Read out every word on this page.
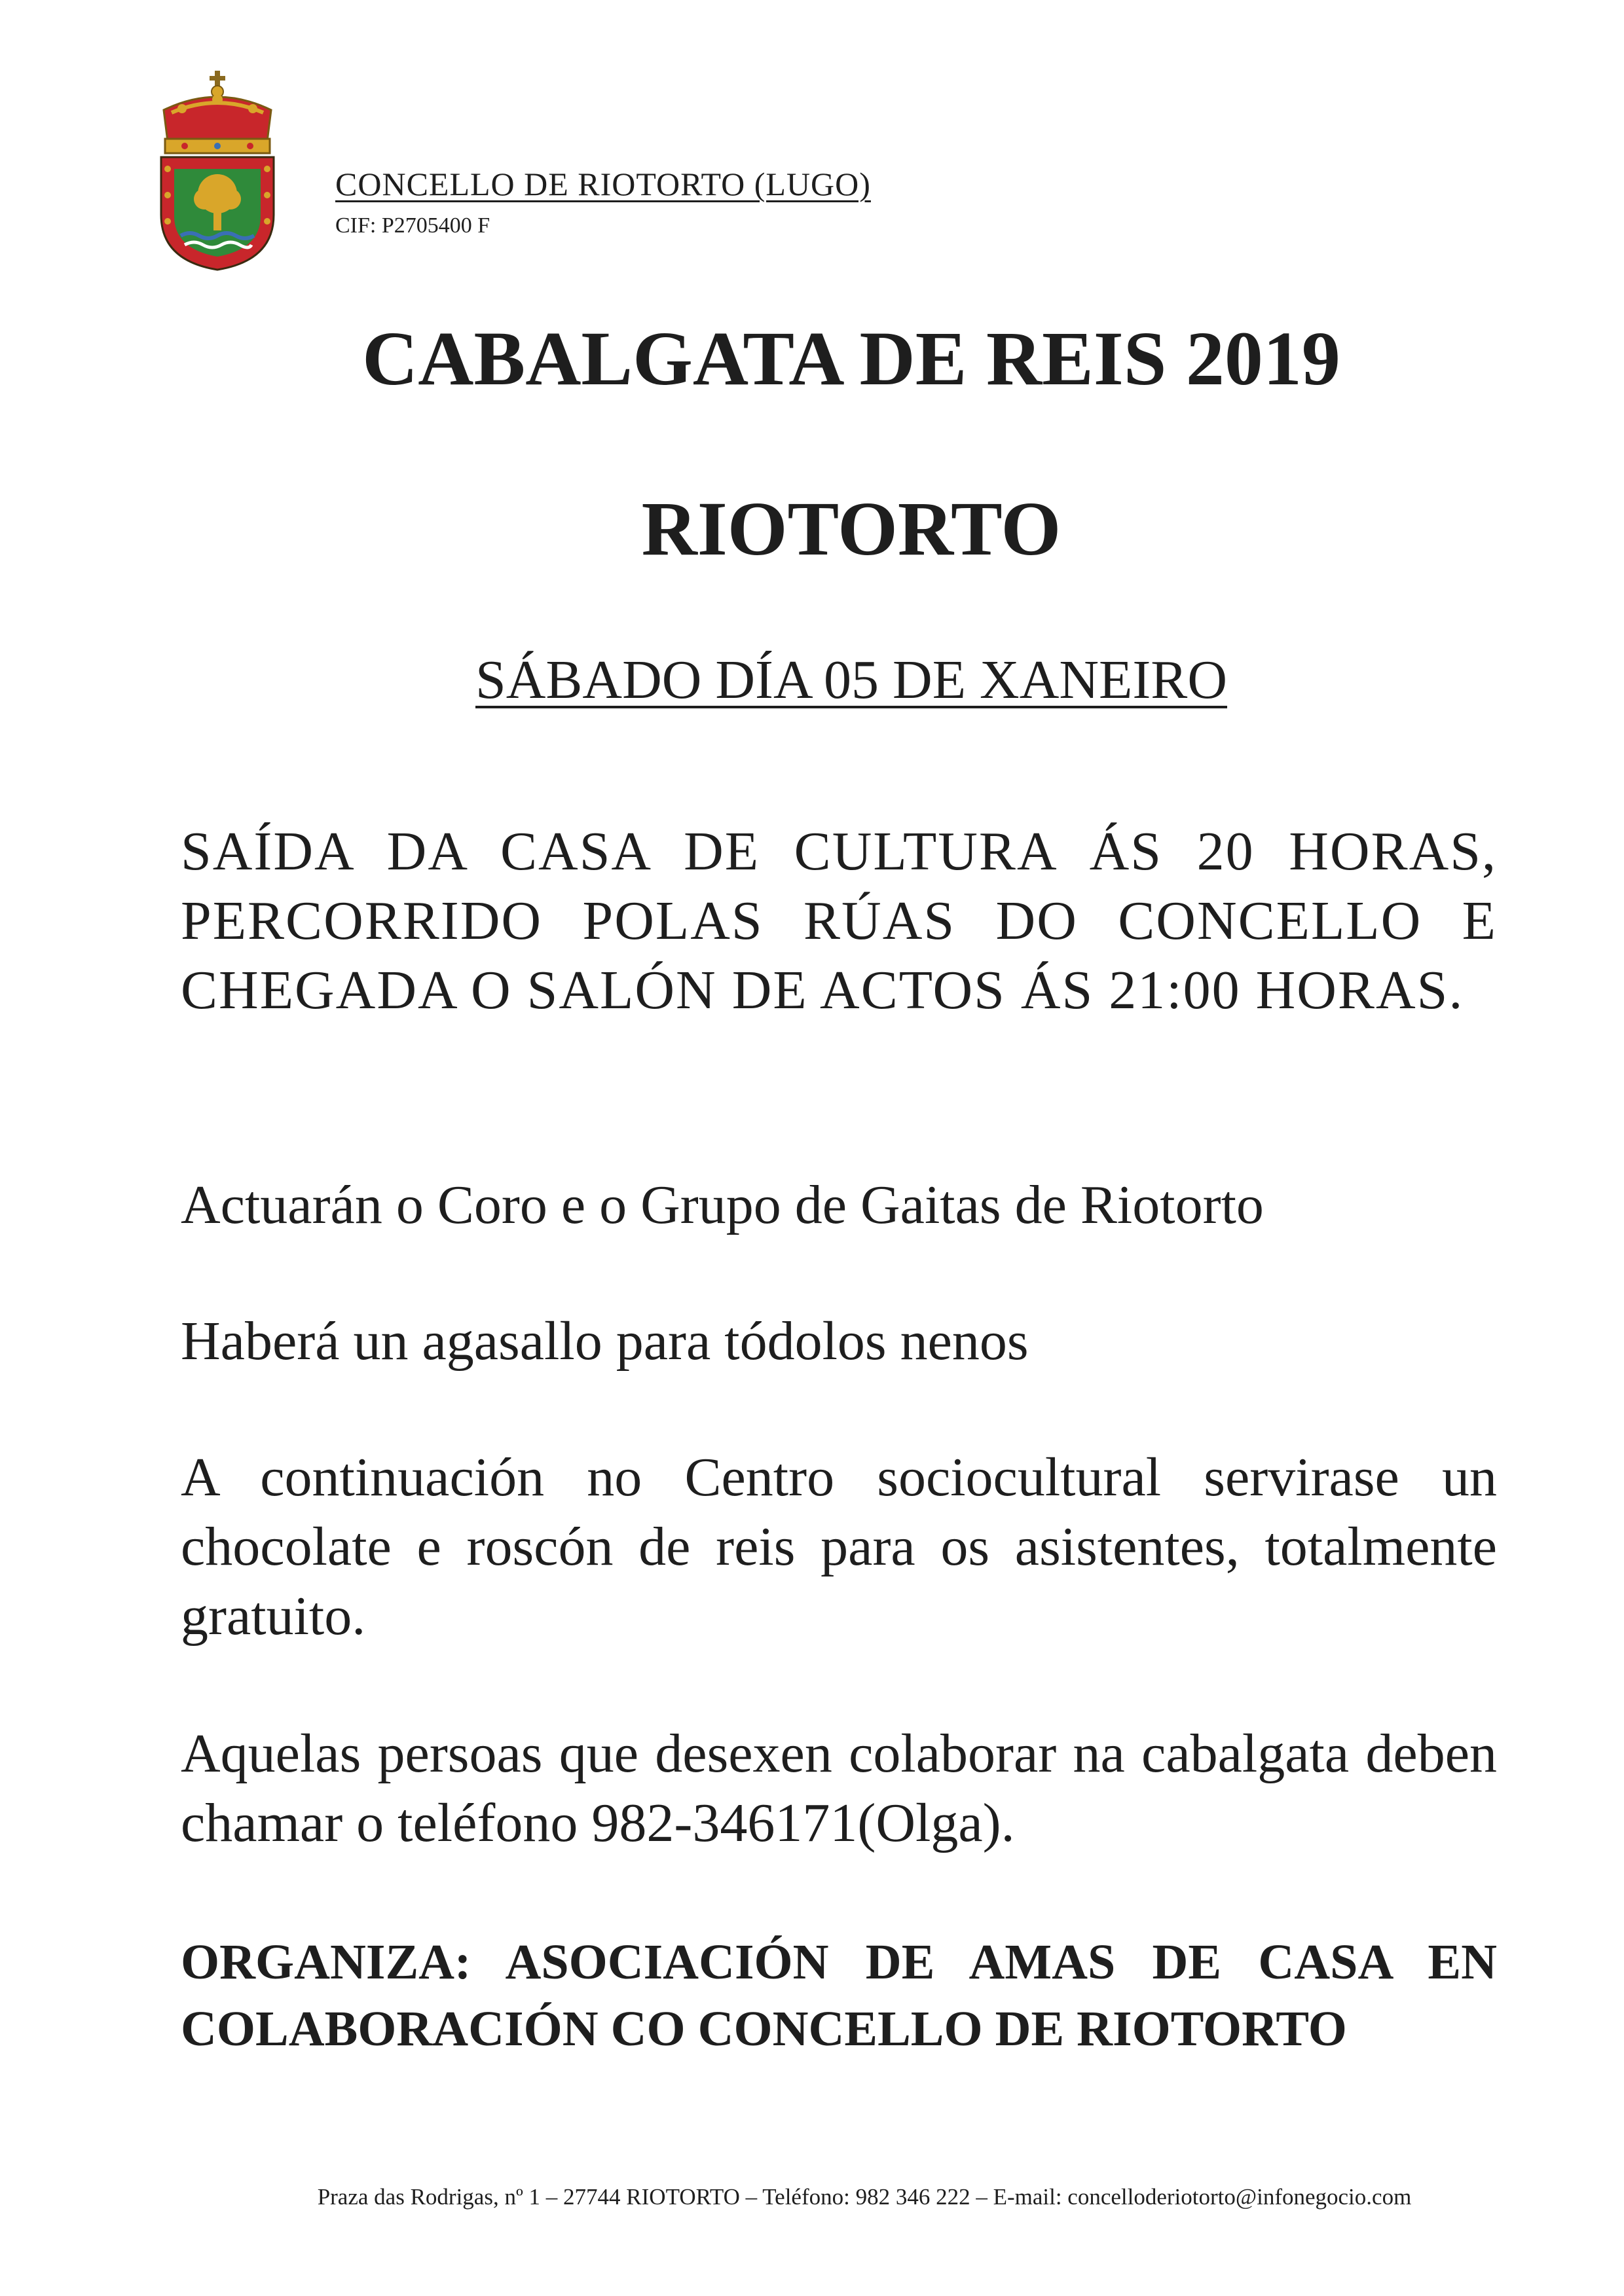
CONCELLO DE RIOTORTO (LUGO)
CIF: P2705400 F
CABALGATA DE REIS 2019
RIOTORTO
SÁBADO DÍA 05 DE XANEIRO
SAÍDA DA CASA DE CULTURA ÁS 20 HORAS, PERCORRIDO POLAS RÚAS DO CONCELLO E CHEGADA O SALÓN DE ACTOS ÁS 21:00 HORAS.
Actuarán o Coro e o Grupo de Gaitas de Riotorto
Haberá un agasallo para tódolos nenos
A continuación no Centro sociocultural servirase un chocolate e roscón de reis para os asistentes, totalmente gratuito.
Aquelas persoas que desexen colaborar na cabalgata deben chamar o teléfono 982-346171(Olga).
ORGANIZA: ASOCIACIÓN DE AMAS DE CASA EN COLABORACIÓN CO CONCELLO DE RIOTORTO
Praza das Rodrigas, nº 1 – 27744 RIOTORTO – Teléfono: 982 346 222 – E-mail: concelloderiotorto@infonegocio.com
